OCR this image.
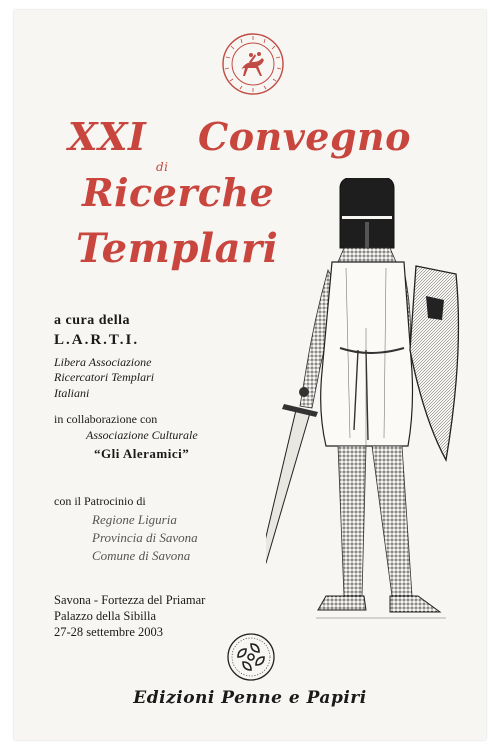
XXI Convegno
di
Ricerche
Templari
a cura della
L.A.R.T.I.
Libera Associazione
Ricercatori Templari
Italiani
in collaborazione con
Associazione Culturale
“Gli Aleramici”
con il Patrocinio di
Regione Liguria
Provincia di Savona
Comune di Savona
Savona - Fortezza del Priamar
Palazzo della Sibilla
27-28 settembre 2003
Edizioni Penne e Papiri
